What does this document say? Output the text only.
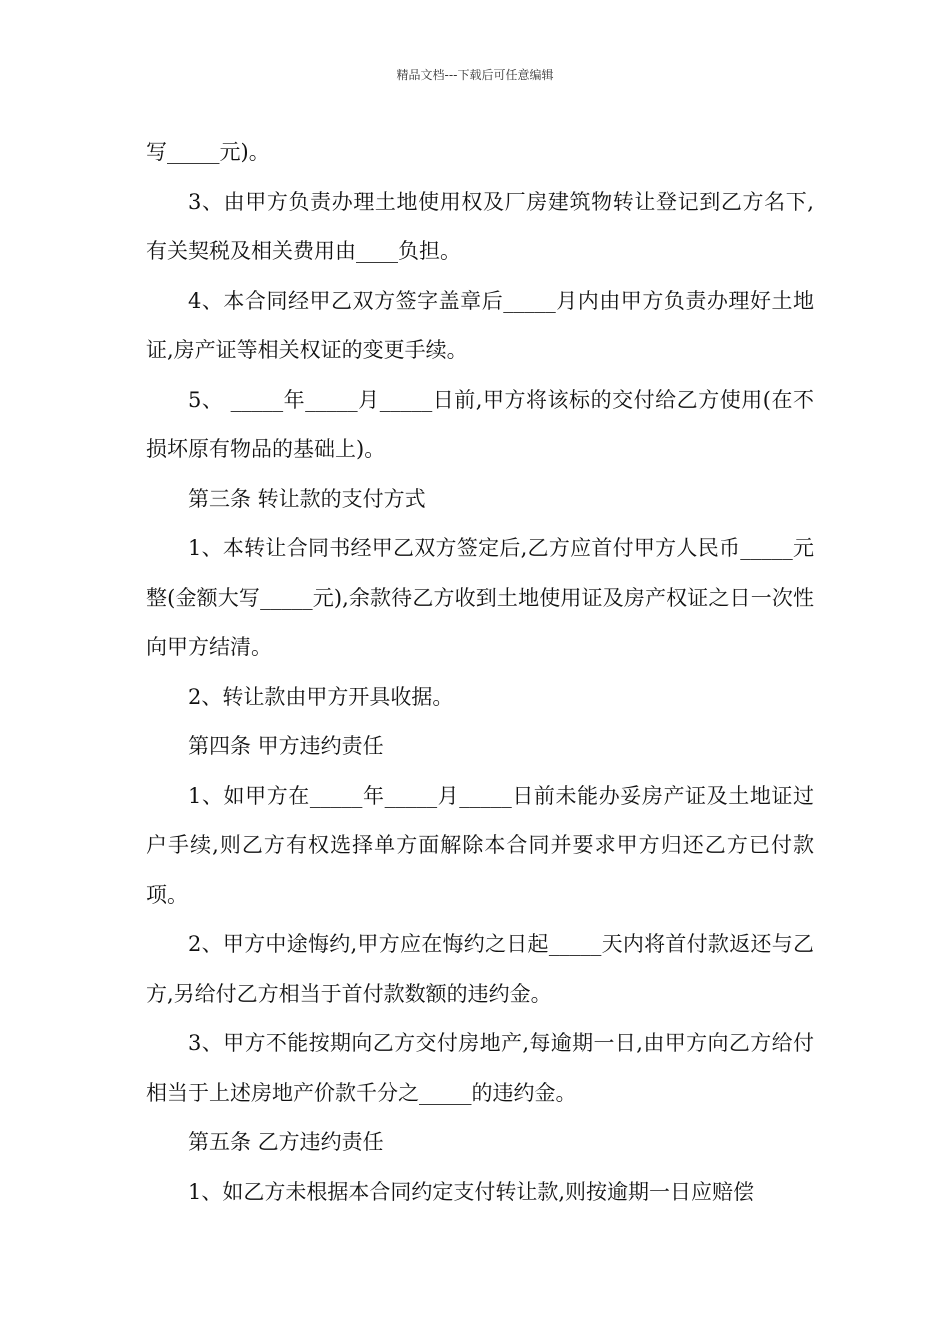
精品文档---下载后可任意编辑

写_____元)。

3、由甲方负责办理土地使用权及厂房建筑物转让登记到乙方名下,有关契税及相关费用由____负担。

4、本合同经甲乙双方签字盖章后_____月内由甲方负责办理好土地证,房产证等相关权证的变更手续。

5、 _____年_____月_____日前,甲方将该标的交付给乙方使用(在不损坏原有物品的基础上)。

第三条 转让款的支付方式

1、本转让合同书经甲乙双方签定后,乙方应首付甲方人民币_____元整(金额大写_____元),余款待乙方收到土地使用证及房产权证之日一次性向甲方结清。

2、转让款由甲方开具收据。

第四条 甲方违约责任

1、如甲方在_____年_____月_____日前未能办妥房产证及土地证过户手续,则乙方有权选择单方面解除本合同并要求甲方归还乙方已付款项。

2、甲方中途悔约,甲方应在悔约之日起_____天内将首付款返还与乙方,另给付乙方相当于首付款数额的违约金。

3、甲方不能按期向乙方交付房地产,每逾期一日,由甲方向乙方给付相当于上述房地产价款千分之_____的违约金。

第五条 乙方违约责任

1、如乙方未根据本合同约定支付转让款,则按逾期一日应赔偿
